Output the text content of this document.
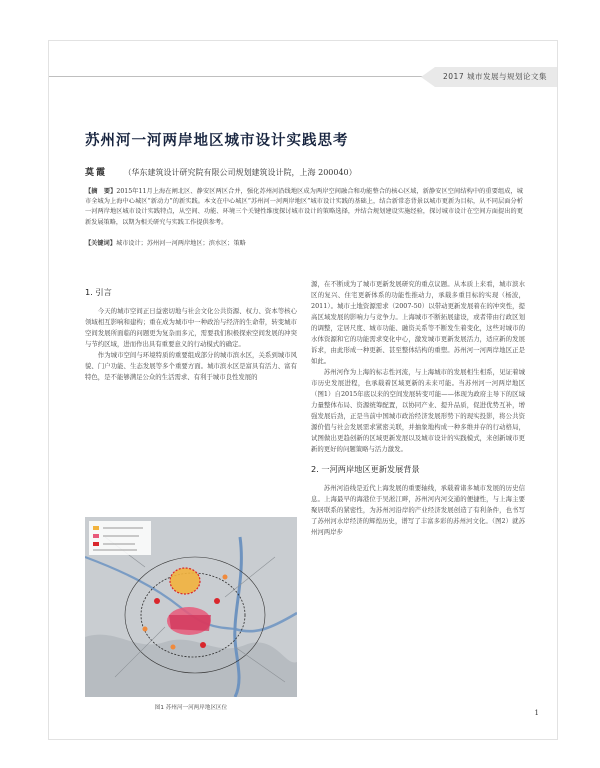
2017 城市发展与规划论文集
苏州河一河两岸地区城市设计实践思考
莫霞 （华东建筑设计研究院有限公司规划建筑设计院，上海 200040）
【摘　要】2015年11月上海在闸北区、静安区两区合并，强化苏州河沿线地区成为两岸空间融合和功能整合的核心区域，新静安区空间结构中的重要组成，城市全城为上海中心城区“新动力”的新实践。本文在中心城区“苏州河一河两岸地区”城市设计实践的基础上，结合新常态背景以城市更新为目标，从不同层面分析一河两岸地区城市设计实践特点，从空间、功能、环境三个关键性维度探讨城市设计的策略选择，并结合规划建设实施经验，探讨城市设计在空间方面提出的更新发展策略，以期为相关研究与实践工作提供参考。
【关键词】城市设计；苏州河一河两岸地区；滨水区；策略
1. 引言

今天的城市空间正日益密切地与社会文化公共资源、权力、资本等核心领域相互影响和建构；重在成为城市中一种政治与经济的生命带，转变城市空间发展所面临的问题更为复杂而多元，需要我们积极探索空间发展的冲突与节约区域，进而作出具有重要意义的行动模式的确定。

作为城市空间与环境特质的重要组成部分的城市滨水区，关系到城市风貌、门户功能、生态发展等多个重要方面。城市滨水区是富具有活力、富有特色，是不能够满足公众的生活需求、有利于城市良性发展的

源，在不断成为了城市更新发展研究的重点议题。从本质上来看，城市滨水区的复兴、住宅更新体系的功能性推动力，承载多重目标的实现（杨波，2011）。城市土地资源需求（2007-50）以带动更新发展着在的冲突性，提高区域发展的影响力与竞争力。上海城市不断拓展建设，或者带由行政区划的调整，定居尺度、城市功能、融资关系等不断发生着变化，这些对城市的水体资源和它的功能需求变化中心，激发城市更新发展活力，适应新的发展诉求，由此形成一种更新、甚至整体结构的重塑。苏州河一河两岸地区正是如此。

苏州河作为上海的标志性河流，与上海城市的发展相生相系，见证着城市历史发展进程，也承载着区域更新的未来可能。当苏州河一河两岸地区（图1）自2015年底以来的空间发展转变可能——体现为政府主导下的区域力量整体布局、资源统筹配置，以协同产业、提升品质，促进优势互补，增强发展后劲，正是当前中国城市政治经济发展形势下的现实投影，将公共资源价值与社会发展需求紧密关联，并抽象地构成一种多维并存的行动格局，试图做出更趋创新的区域更新发展以及城市设计的实践模式，来创新城市更新的更好的问题策略与活力激发。

2. 一河两岸地区更新发展背景

苏州河沿线是近代上海发展的重要轴线，承载着诸多城市发展的历史信息。上海最早的海港位于吴淞江畔，苏州河内河交通的便捷性，与上海主要聚居联系的紧密性，为苏州河沿岸的产业经济发展创造了有利条件，也书写了苏州河水岸经济的辉煌历史，谱写了丰富多彩的苏州河文化。（图2）就苏州河两岸步

图1 苏州河一河两岸地区区位
1
